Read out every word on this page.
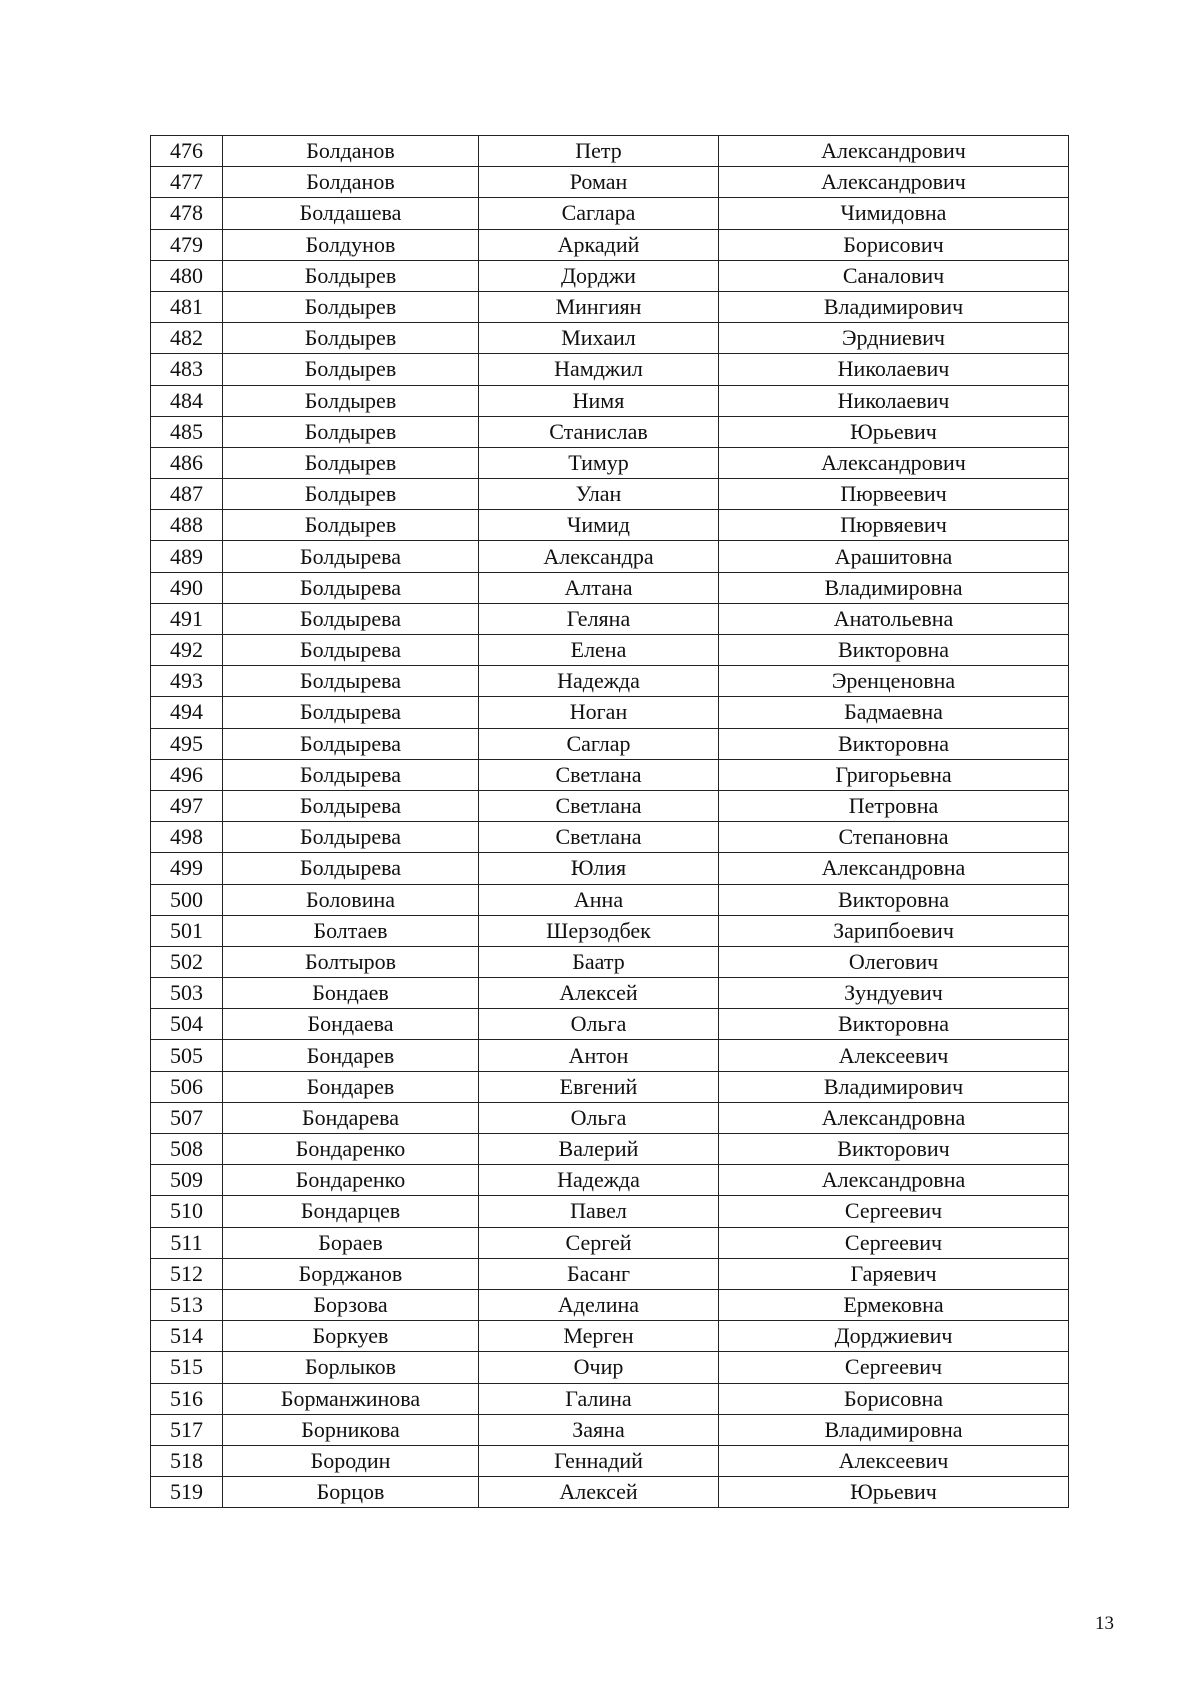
476	Болданов	Петр	Александрович
477	Болданов	Роман	Александрович
478	Болдашева	Саглара	Чимидовна
479	Болдунов	Аркадий	Борисович
480	Болдырев	Дорджи	Саналович
481	Болдырев	Мингиян	Владимирович
482	Болдырев	Михаил	Эрдниевич
483	Болдырев	Намджил	Николаевич
484	Болдырев	Нимя	Николаевич
485	Болдырев	Станислав	Юрьевич
486	Болдырев	Тимур	Александрович
487	Болдырев	Улан	Пюрвеевич
488	Болдырев	Чимид	Пюрвяевич
489	Болдырева	Александра	Арашитовна
490	Болдырева	Алтана	Владимировна
491	Болдырева	Геляна	Анатольевна
492	Болдырева	Елена	Викторовна
493	Болдырева	Надежда	Эренценовна
494	Болдырева	Ноган	Бадмаевна
495	Болдырева	Саглар	Викторовна
496	Болдырева	Светлана	Григорьевна
497	Болдырева	Светлана	Петровна
498	Болдырева	Светлана	Степановна
499	Болдырева	Юлия	Александровна
500	Боловина	Анна	Викторовна
501	Болтаев	Шерзодбек	Зарипбоевич
502	Болтыров	Баатр	Олегович
503	Бондаев	Алексей	Зундуевич
504	Бондаева	Ольга	Викторовна
505	Бондарев	Антон	Алексеевич
506	Бондарев	Евгений	Владимирович
507	Бондарева	Ольга	Александровна
508	Бондаренко	Валерий	Викторович
509	Бондаренко	Надежда	Александровна
510	Бондарцев	Павел	Сергеевич
511	Бораев	Сергей	Сергеевич
512	Борджанов	Басанг	Гаряевич
513	Борзова	Аделина	Ермековна
514	Боркуев	Мерген	Дорджиевич
515	Борлыков	Очир	Сергеевич
516	Борманжинова	Галина	Борисовна
517	Борникова	Заяна	Владимировна
518	Бородин	Геннадий	Алексеевич
519	Борцов	Алексей	Юрьевич
13
